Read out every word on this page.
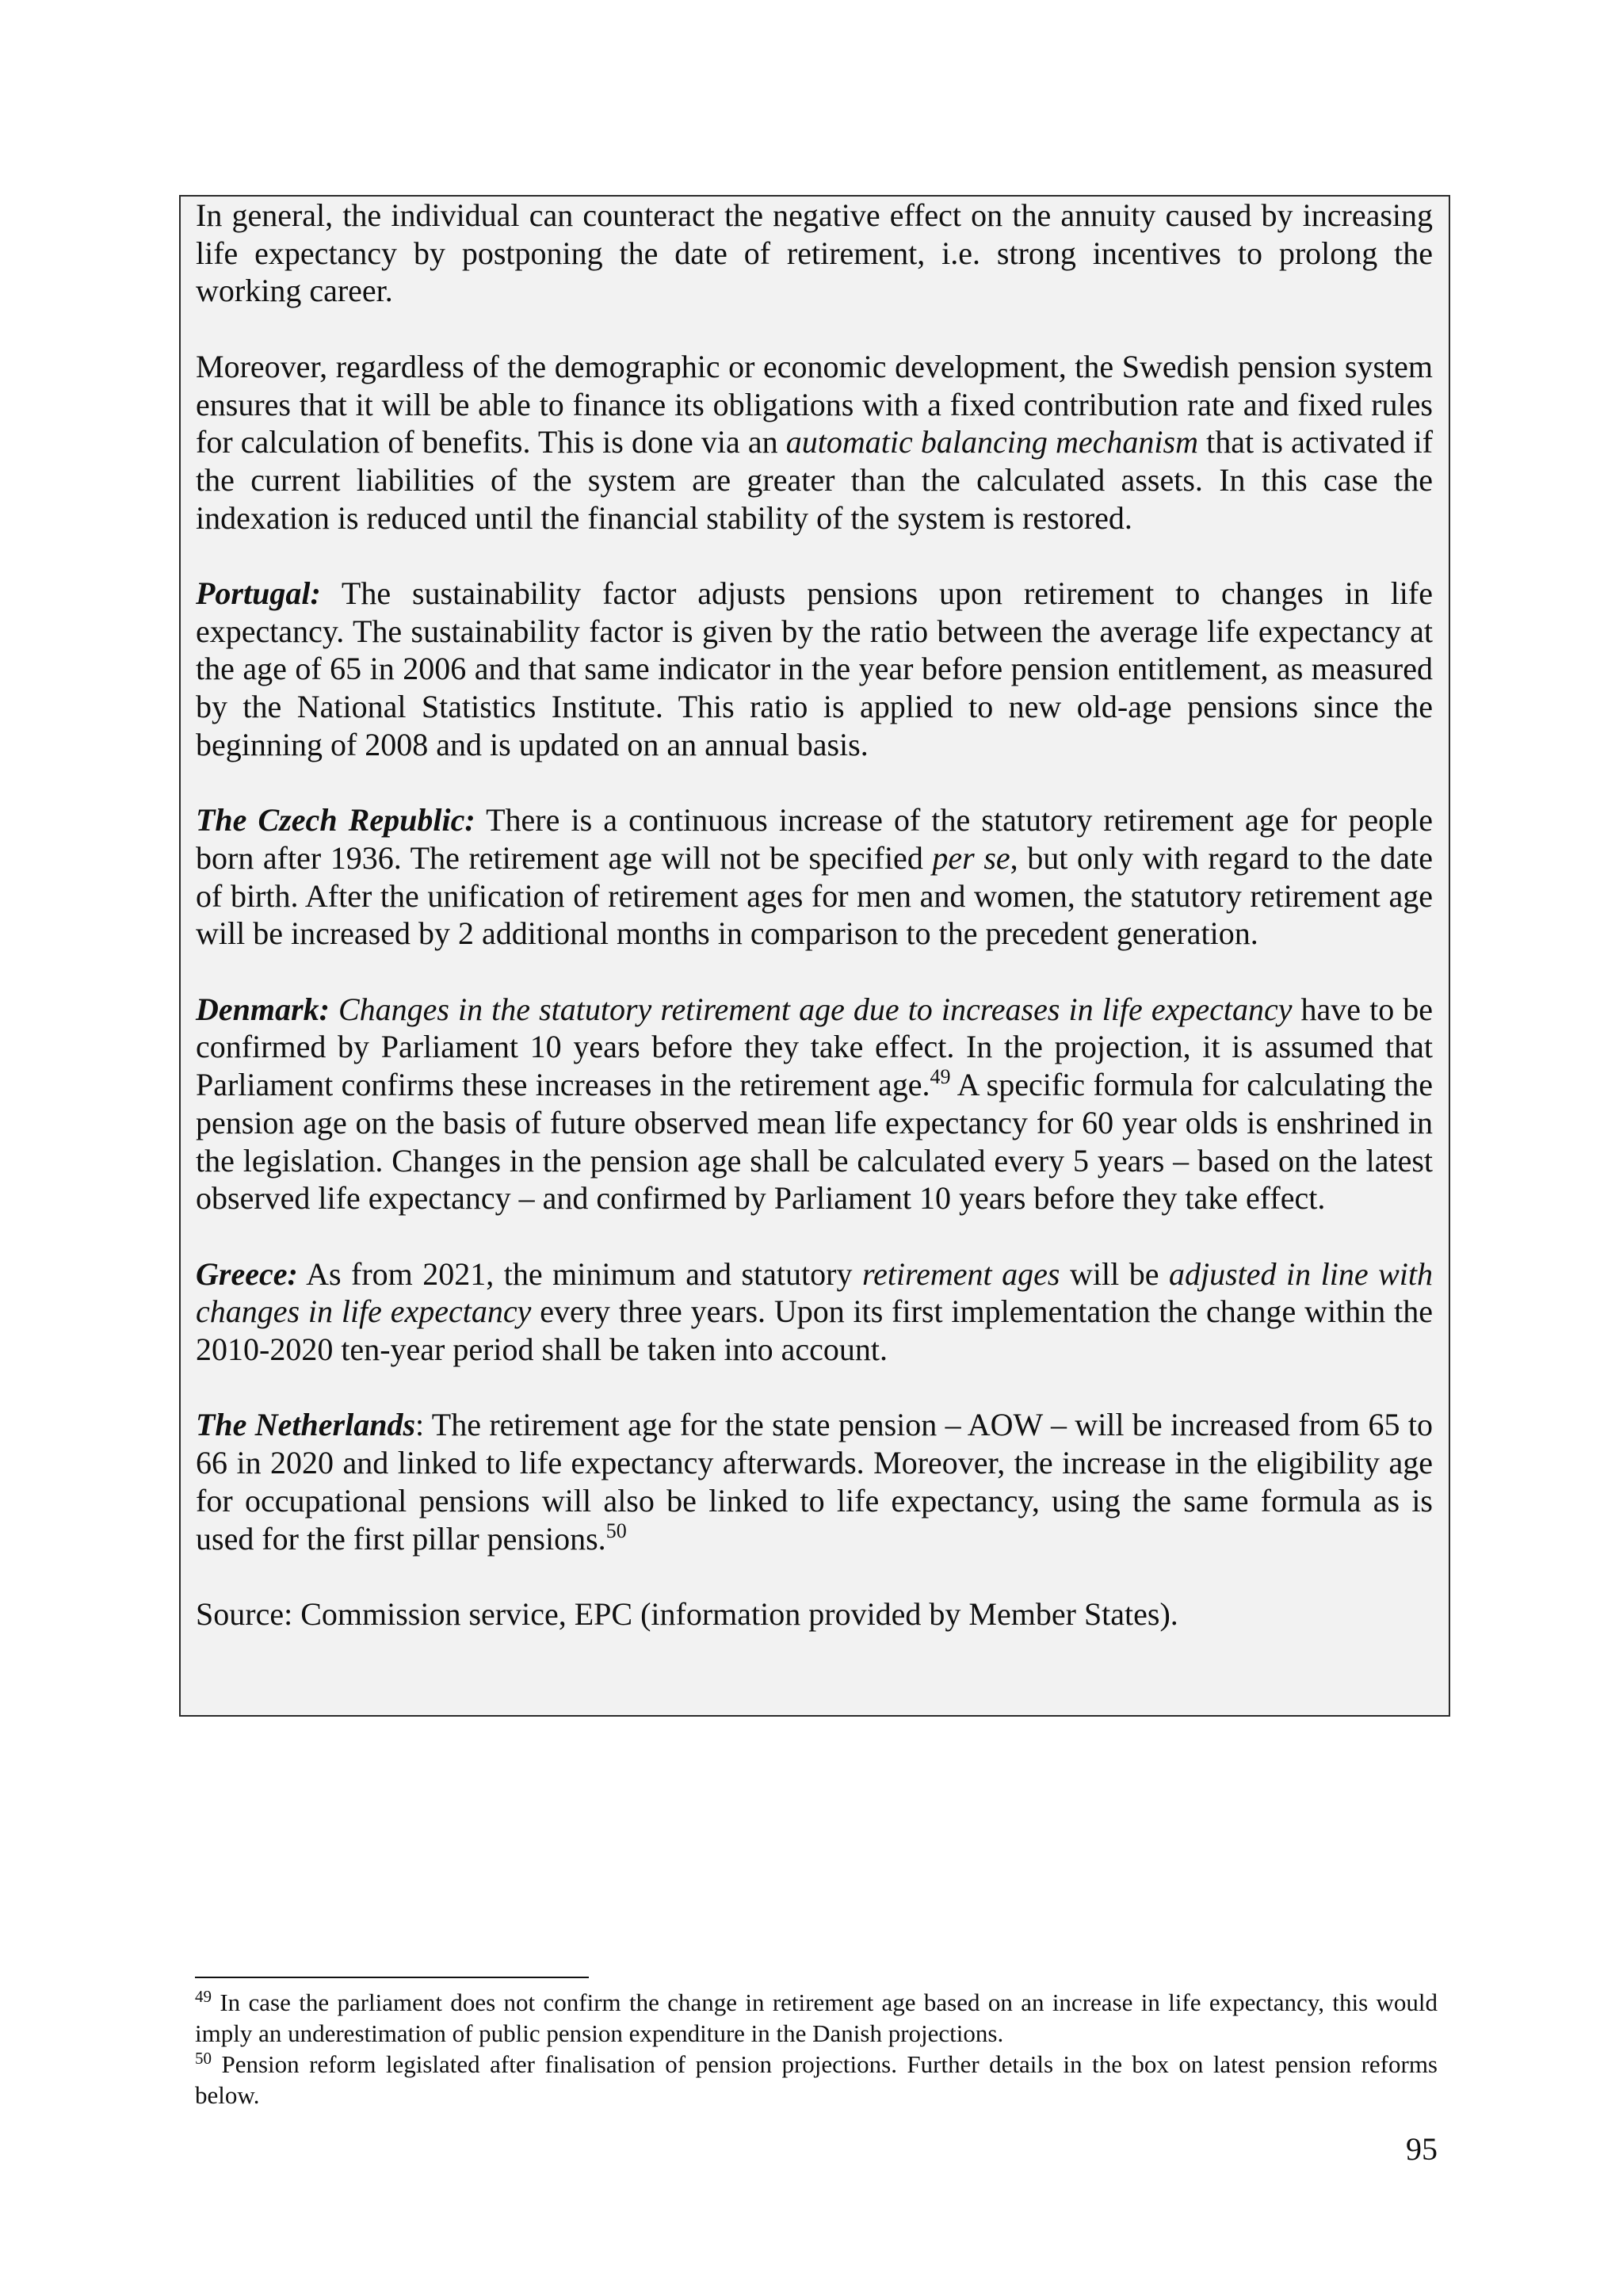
In general, the individual can counteract the negative effect on the annuity caused by increasing life expectancy by postponing the date of retirement, i.e. strong incentives to prolong the working career.

Moreover, regardless of the demographic or economic development, the Swedish pension system ensures that it will be able to finance its obligations with a fixed contribution rate and fixed rules for calculation of benefits. This is done via an automatic balancing mechanism that is activated if the current liabilities of the system are greater than the calculated assets. In this case the indexation is reduced until the financial stability of the system is restored.

Portugal: The sustainability factor adjusts pensions upon retirement to changes in life expectancy. The sustainability factor is given by the ratio between the average life expectancy at the age of 65 in 2006 and that same indicator in the year before pension entitlement, as measured by the National Statistics Institute. This ratio is applied to new old-age pensions since the beginning of 2008 and is updated on an annual basis.

The Czech Republic: There is a continuous increase of the statutory retirement age for people born after 1936. The retirement age will not be specified per se, but only with regard to the date of birth. After the unification of retirement ages for men and women, the statutory retirement age will be increased by 2 additional months in comparison to the precedent generation.

Denmark: Changes in the statutory retirement age due to increases in life expectancy have to be confirmed by Parliament 10 years before they take effect. In the projection, it is assumed that Parliament confirms these increases in the retirement age.$^{49}$ A specific formula for calculating the pension age on the basis of future observed mean life expectancy for 60 year olds is enshrined in the legislation. Changes in the pension age shall be calculated every 5 years – based on the latest observed life expectancy – and confirmed by Parliament 10 years before they take effect.

Greece: As from 2021, the minimum and statutory retirement ages will be adjusted in line with changes in life expectancy every three years. Upon its first implementation the change within the 2010-2020 ten-year period shall be taken into account.

The Netherlands: The retirement age for the state pension – AOW – will be increased from 65 to 66 in 2020 and linked to life expectancy afterwards. Moreover, the increase in the eligibility age for occupational pensions will also be linked to life expectancy, using the same formula as is used for the first pillar pensions.$^{50}$

Source: Commission service, EPC (information provided by Member States).

$^{49}$ In case the parliament does not confirm the change in retirement age based on an increase in life expectancy, this would imply an underestimation of public pension expenditure in the Danish projections.

$^{50}$ Pension reform legislated after finalisation of pension projections. Further details in the box on latest pension reforms below.

95
